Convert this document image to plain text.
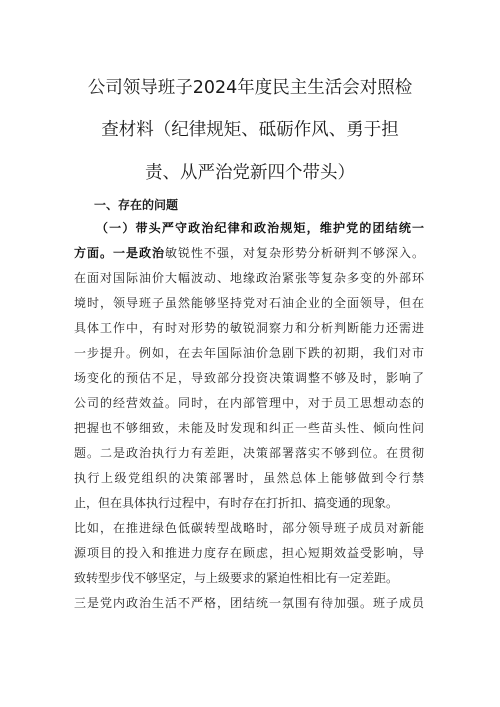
公司领导班子2024年度民主生活会对照检
查材料（纪律规矩、砥砺作风、勇于担
责、从严治党新四个带头）
一、存在的问题
（一）带头严守政治纪律和政治规矩，维护党的团结统一
方面。一是政治敏锐性不强，对复杂形势分析研判不够深入。
在面对国际油价大幅波动、地缘政治紧张等复杂多变的外部环
境时，领导班子虽然能够坚持党对石油企业的全面领导，但在
具体工作中，有时对形势的敏锐洞察力和分析判断能力还需进
一步提升。例如，在去年国际油价急剧下跌的初期，我们对市
场变化的预估不足，导致部分投资决策调整不够及时，影响了
公司的经营效益。同时，在内部管理中，对于员工思想动态的
把握也不够细致，未能及时发现和纠正一些苗头性、倾向性问
题。二是政治执行力有差距，决策部署落实不够到位。在贯彻
执行上级党组织的决策部署时，虽然总体上能够做到令行禁
止，但在具体执行过程中，有时存在打折扣、搞变通的现象。
比如，在推进绿色低碳转型战略时，部分领导班子成员对新能
源项目的投入和推进力度存在顾虑，担心短期效益受影响，导
致转型步伐不够坚定，与上级要求的紧迫性相比有一定差距。
三是党内政治生活不严格，团结统一氛围有待加强。班子成员
